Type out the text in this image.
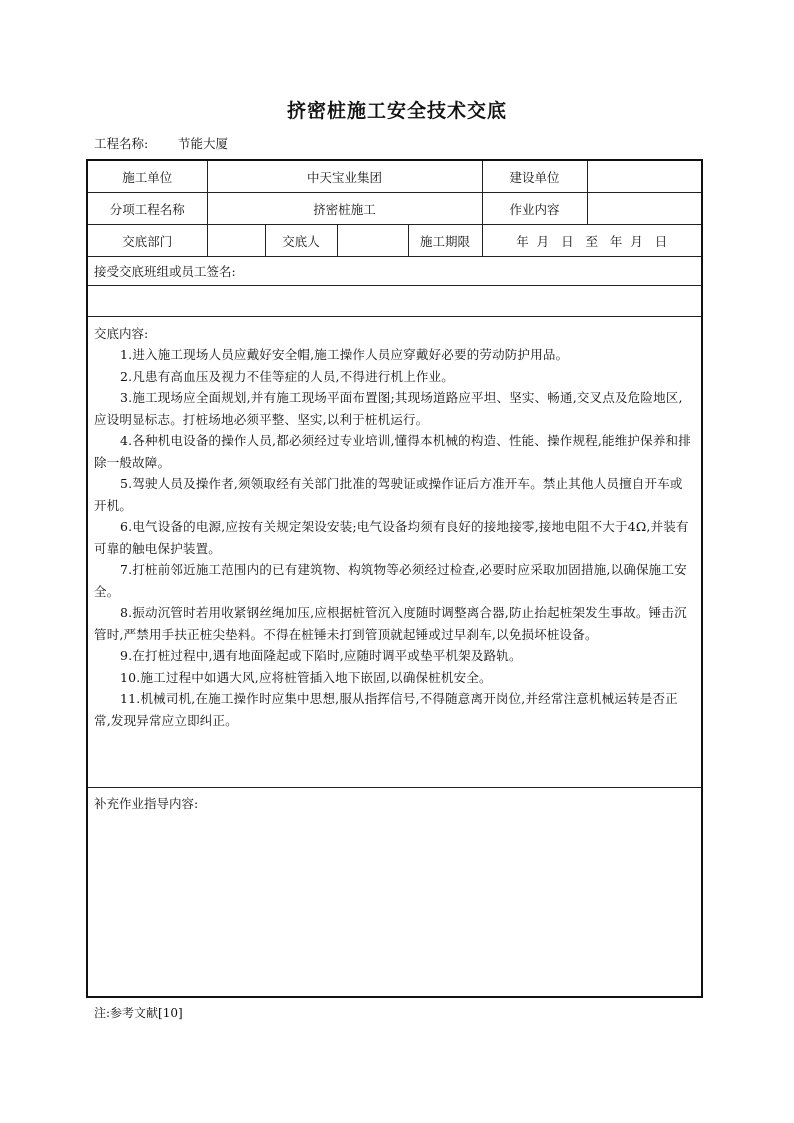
挤密桩施工安全技术交底
工程名称: 节能大厦
施工单位	中天宝业集团				建设单位	
分项工程名称	挤密桩施工				作业内容	
交底部门		交底人		施工期限	年  月   日   至   年  月   日	
接受交底班组或员工签名:
交底内容:

1.进入施工现场人员应戴好安全帽,施工操作人员应穿戴好必要的劳动防护用品。

2.凡患有高血压及视力不佳等症的人员,不得进行机上作业。

3.施工现场应全面规划,并有施工现场平面布置图;其现场道路应平坦、坚实、畅通,交叉点及危险地区,应设明显标志。打桩场地必须平整、坚实,以利于桩机运行。

4.各种机电设备的操作人员,都必须经过专业培训,懂得本机械的构造、性能、操作规程,能维护保养和排除一般故障。

5.驾驶人员及操作者,须领取经有关部门批准的驾驶证或操作证后方准开车。禁止其他人员擅自开车或开机。

6.电气设备的电源,应按有关规定架设安装;电气设备均须有良好的接地接零,接地电阻不大于4Ω,并装有可靠的触电保护装置。

7.打桩前邻近施工范围内的已有建筑物、构筑物等必须经过检查,必要时应采取加固措施,以确保施工安全。

8.振动沉管时若用收紧钢丝绳加压,应根据桩管沉入度随时调整离合器,防止抬起桩架发生事故。锤击沉管时,严禁用手扶正桩尖垫料。不得在桩锤未打到管顶就起锤或过早刹车,以免损坏桩设备。

9.在打桩过程中,遇有地面隆起或下陷时,应随时调平或垫平机架及路轨。

10.施工过程中如遇大风,应将桩管插入地下嵌固,以确保桩机安全。

11.机械司机,在施工操作时应集中思想,服从指挥信号,不得随意离开岗位,并经常注意机械运转是否正常,发现异常应立即纠正。

补充作业指导内容:
注:参考文献[10]
